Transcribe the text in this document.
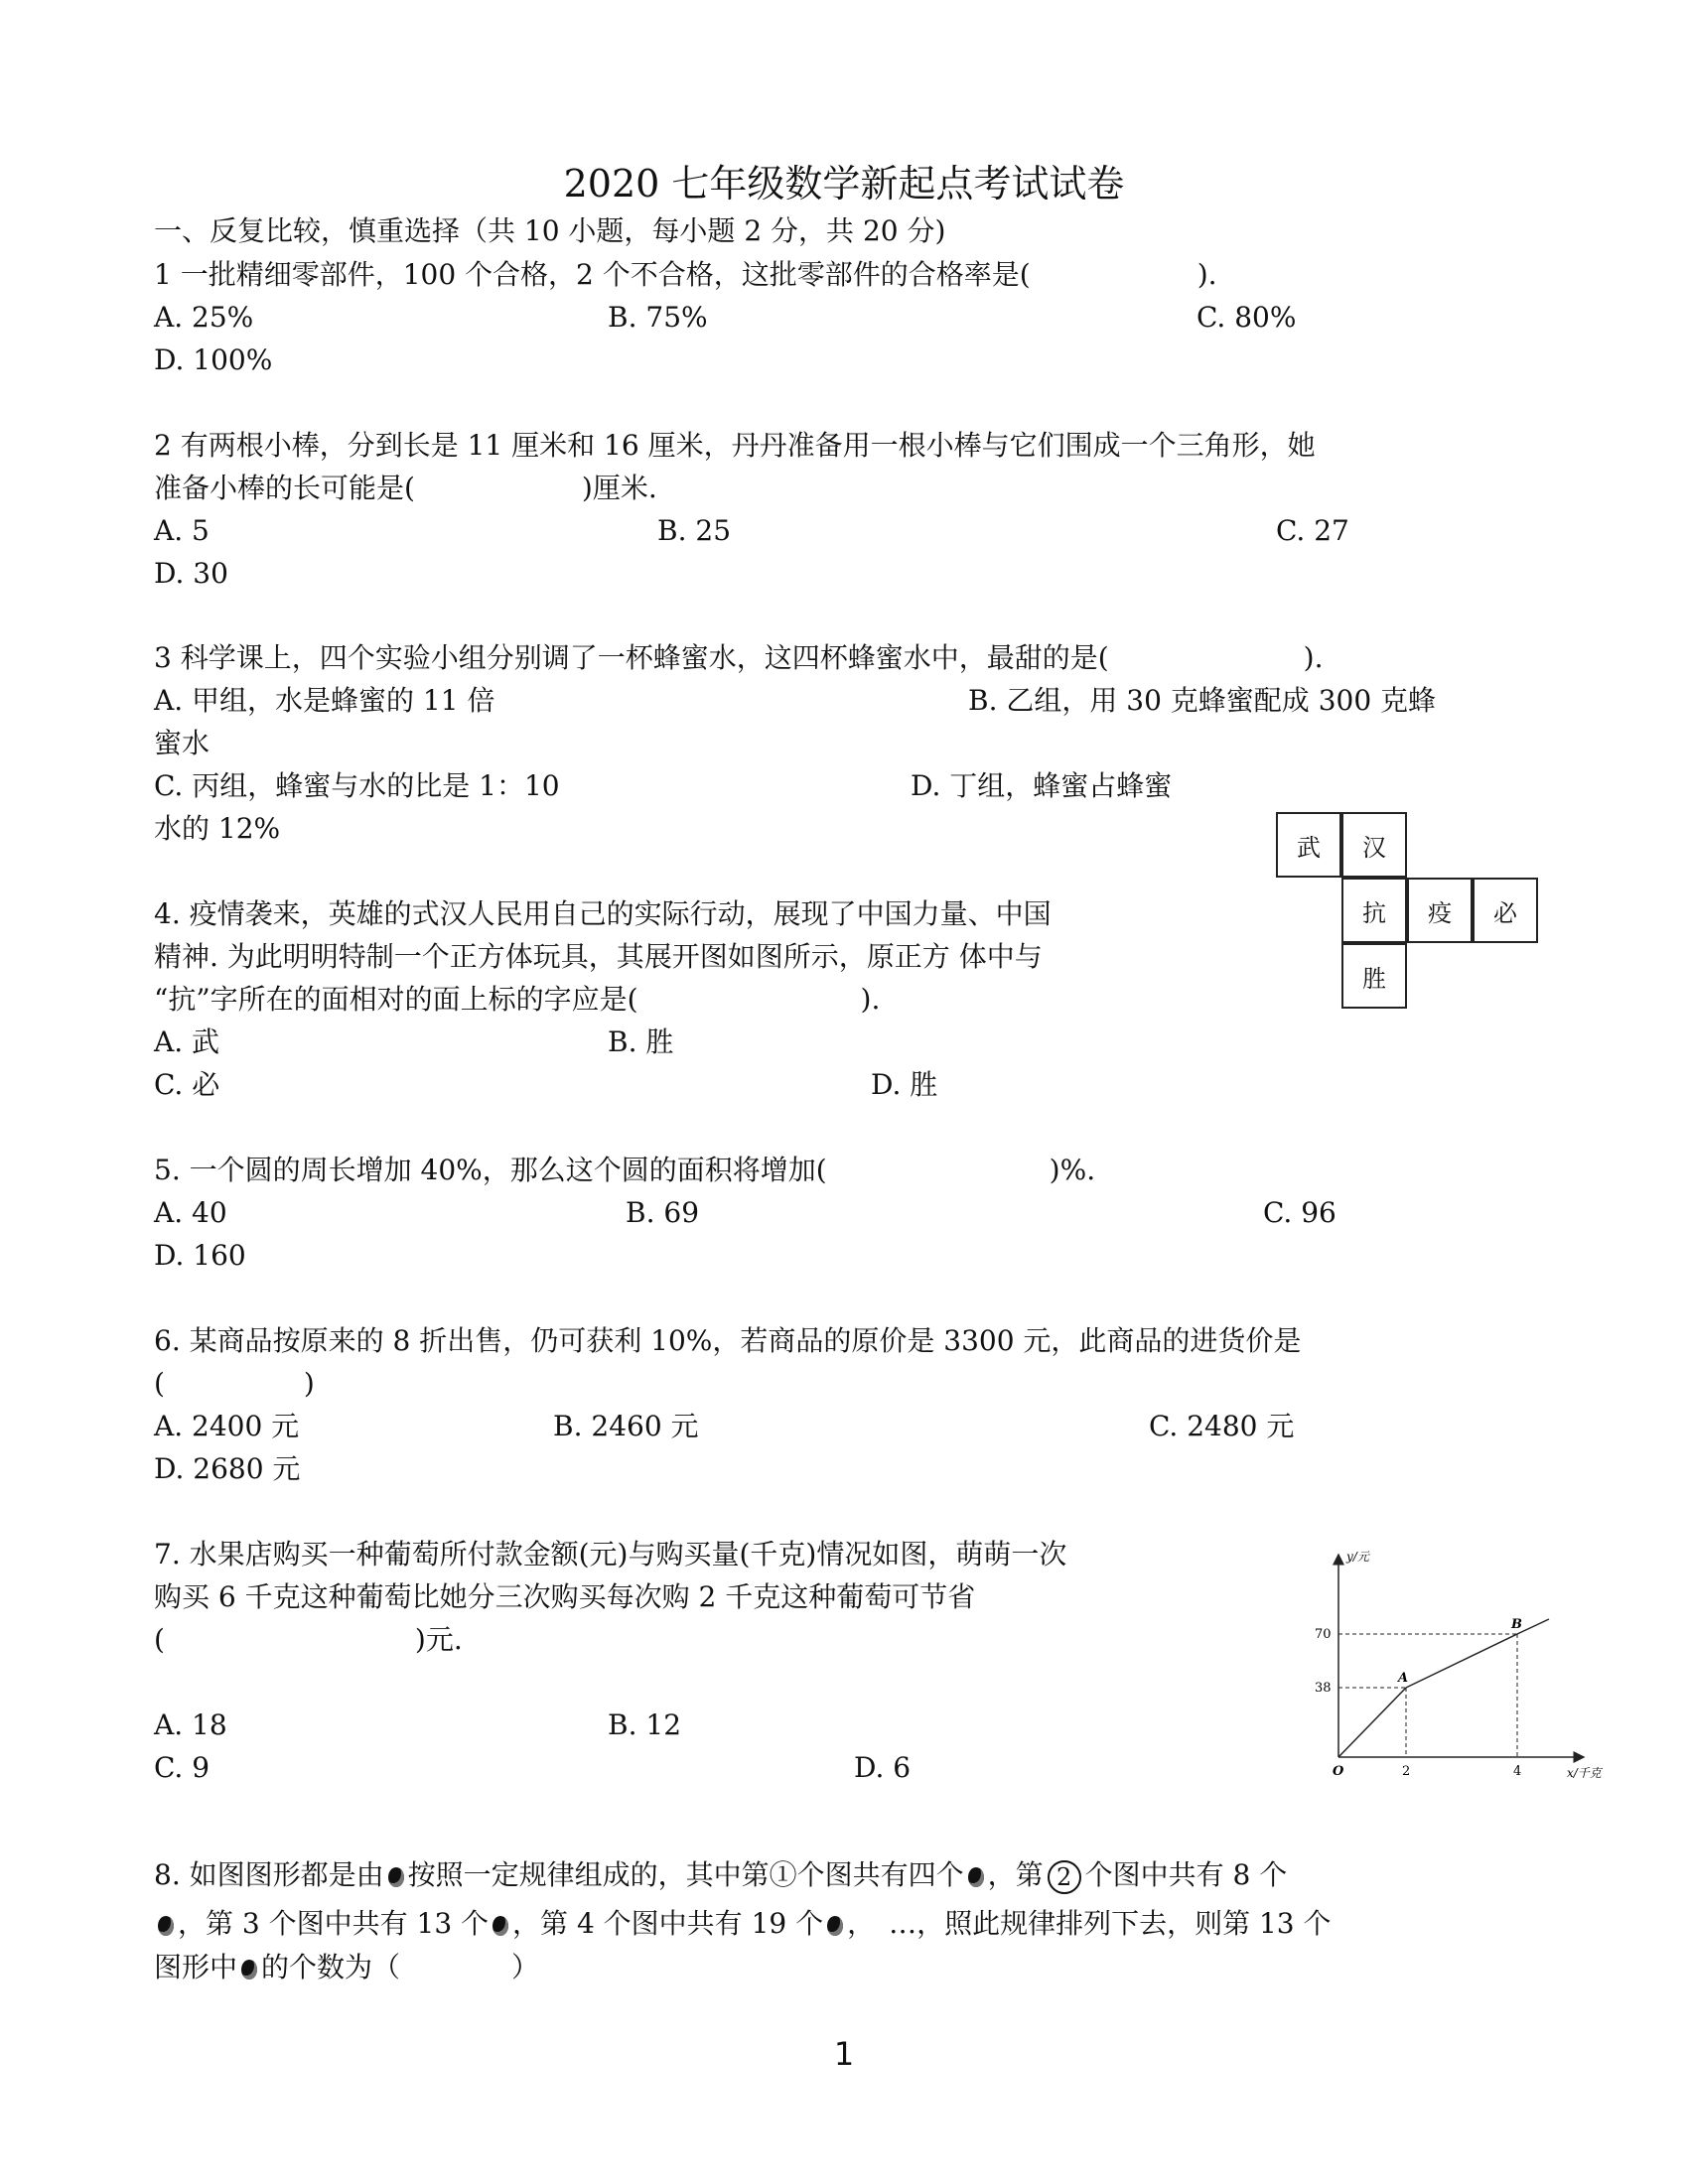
2020 七年级数学新起点考试试卷
一、反复比较，慎重选择（共 10 小题，每小题 2 分，共 20 分)
1 一批精细零部件，100 个合格，2 个不合格，这批零部件的合格率是(　　　　　　).
A. 25%	B. 75%	C. 80%
D. 100%
2 有两根小棒，分到长是 11 厘米和 16 厘米，丹丹准备用一根小棒与它们围成一个三角形，她
准备小棒的长可能是(　　　　　　)厘米.
A. 5	B. 25	C. 27
D. 30
3 科学课上，四个实验小组分别调了一杯蜂蜜水，这四杯蜂蜜水中，最甜的是(　　　　　　　).
A. 甲组，水是蜂蜜的 11 倍	B. 乙组，用 30 克蜂蜜配成 300 克蜂
蜜水
C. 丙组，蜂蜜与水的比是 1：10	D. 丁组，蜂蜜占蜂蜜
水的 12%
武	汉
抗	疫	必
胜
4. 疫情袭来，英雄的式汉人民用自己的实际行动，展现了中国力量、中国
精神. 为此明明特制一个正方体玩具，其展开图如图所示，原正方 体中与
“抗”字所在的面相对的面上标的字应是(　　　　　　　　).
A. 武	B. 胜
C. 必	D. 胜
5. 一个圆的周长增加 40%，那么这个圆的面积将增加(　　　　　　　　)%.
A. 40	B. 69	C. 96
D. 160
6. 某商品按原来的 8 折出售，仍可获利 10%，若商品的原价是 3300 元，此商品的进货价是
(　　　　　)
A. 2400 元	B. 2460 元	C. 2480 元
D. 2680 元
7. 水果店购买一种葡萄所付款金额(元)与购买量(千克)情况如图，萌萌一次
购买 6 千克这种葡萄比她分三次购买每次购 2 千克这种葡萄可节省
(　　　　　　　　　)元.
A. 18	B. 12
C. 9	D. 6
y/元
x/千克
70
38
2	4
O
A
B
8. 如图图形都是由 按照一定规律组成的，其中第①个图共有四个 ，第 2 个图中共有 8 个
，第 3 个图中共有 13 个 ，第 4 个图中共有 19 个 ，　…，照此规律排列下去，则第 13 个
图形中 的个数为（　　　　）
1
